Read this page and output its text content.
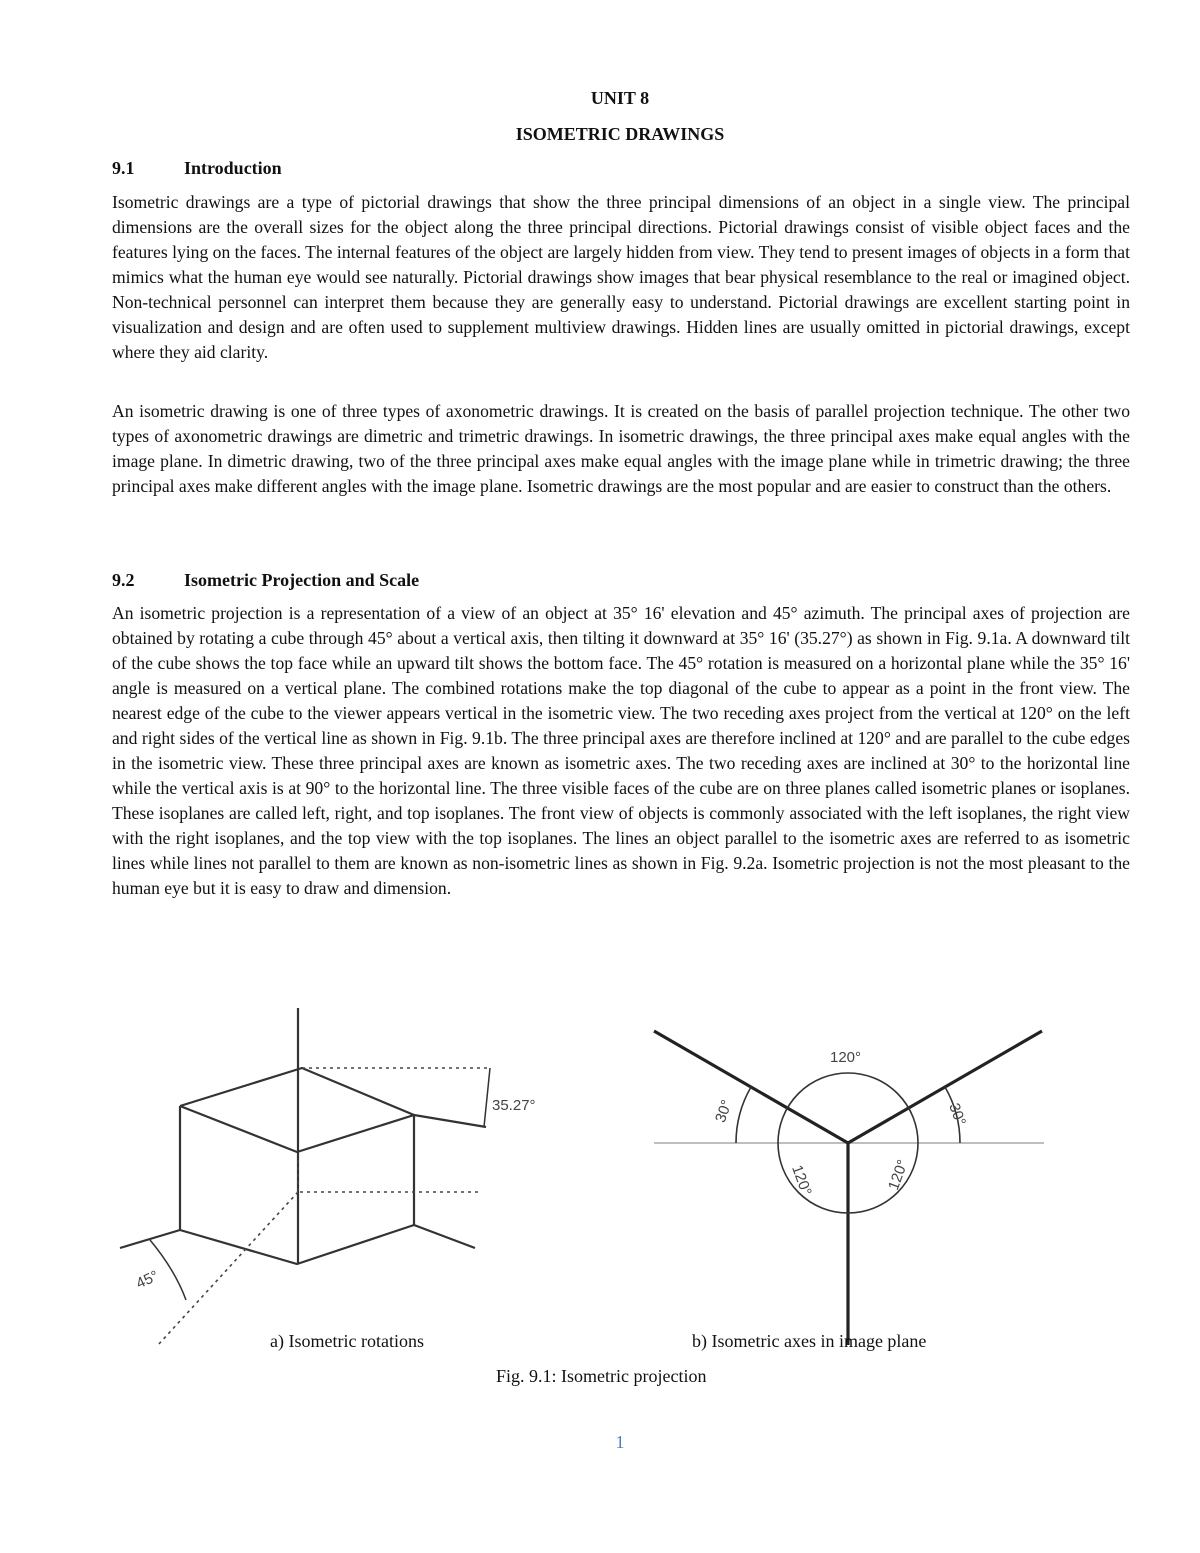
UNIT 8
ISOMETRIC DRAWINGS
9.1	Introduction

Isometric drawings are a type of pictorial drawings that show the three principal dimensions of an object in a single view. The principal dimensions are the overall sizes for the object along the three principal directions. Pictorial drawings consist of visible object faces and the features lying on the faces. The internal features of the object are largely hidden from view. They tend to present images of objects in a form that mimics what the human eye would see naturally. Pictorial drawings show images that bear physical resemblance to the real or imagined object. Non-technical personnel can interpret them because they are generally easy to understand. Pictorial drawings are excellent starting point in visualization and design and are often used to supplement multiview drawings. Hidden lines are usually omitted in pictorial drawings, except where they aid clarity.

An isometric drawing is one of three types of axonometric drawings. It is created on the basis of parallel projection technique. The other two types of axonometric drawings are dimetric and trimetric drawings. In isometric drawings, the three principal axes make equal angles with the image plane. In dimetric drawing, two of the three principal axes make equal angles with the image plane while in trimetric drawing; the three principal axes make different angles with the image plane. Isometric drawings are the most popular and are easier to construct than the others.

9.2	Isometric Projection and Scale

An isometric projection is a representation of a view of an object at 35° 16' elevation and 45° azimuth. The principal axes of projection are obtained by rotating a cube through 45° about a vertical axis, then tilting it downward at 35° 16' (35.27°) as shown in Fig. 9.1a. A downward tilt of the cube shows the top face while an upward tilt shows the bottom face. The 45° rotation is measured on a horizontal plane while the 35° 16' angle is measured on a vertical plane. The combined rotations make the top diagonal of the cube to appear as a point in the front view. The nearest edge of the cube to the viewer appears vertical in the isometric view. The two receding axes project from the vertical at 120° on the left and right sides of the vertical line as shown in Fig. 9.1b. The three principal axes are therefore inclined at 120° and are parallel to the cube edges in the isometric view. These three principal axes are known as isometric axes. The two receding axes are inclined at 30° to the horizontal line while the vertical axis is at 90° to the horizontal line. The three visible faces of the cube are on three planes called isometric planes or isoplanes. These isoplanes are called left, right, and top isoplanes. The front view of objects is commonly associated with the left isoplanes, the right view with the right isoplanes, and the top view with the top isoplanes. The lines an object parallel to the isometric axes are referred to as isometric lines while lines not parallel to them are known as non-isometric lines as shown in Fig. 9.2a. Isometric projection is not the most pleasant to the human eye but it is easy to draw and dimension.

35.27°
45°
120°
30°	30°
120°	120°
a) Isometric rotations	b) Isometric axes in image plane
Fig. 9.1: Isometric projection
1
